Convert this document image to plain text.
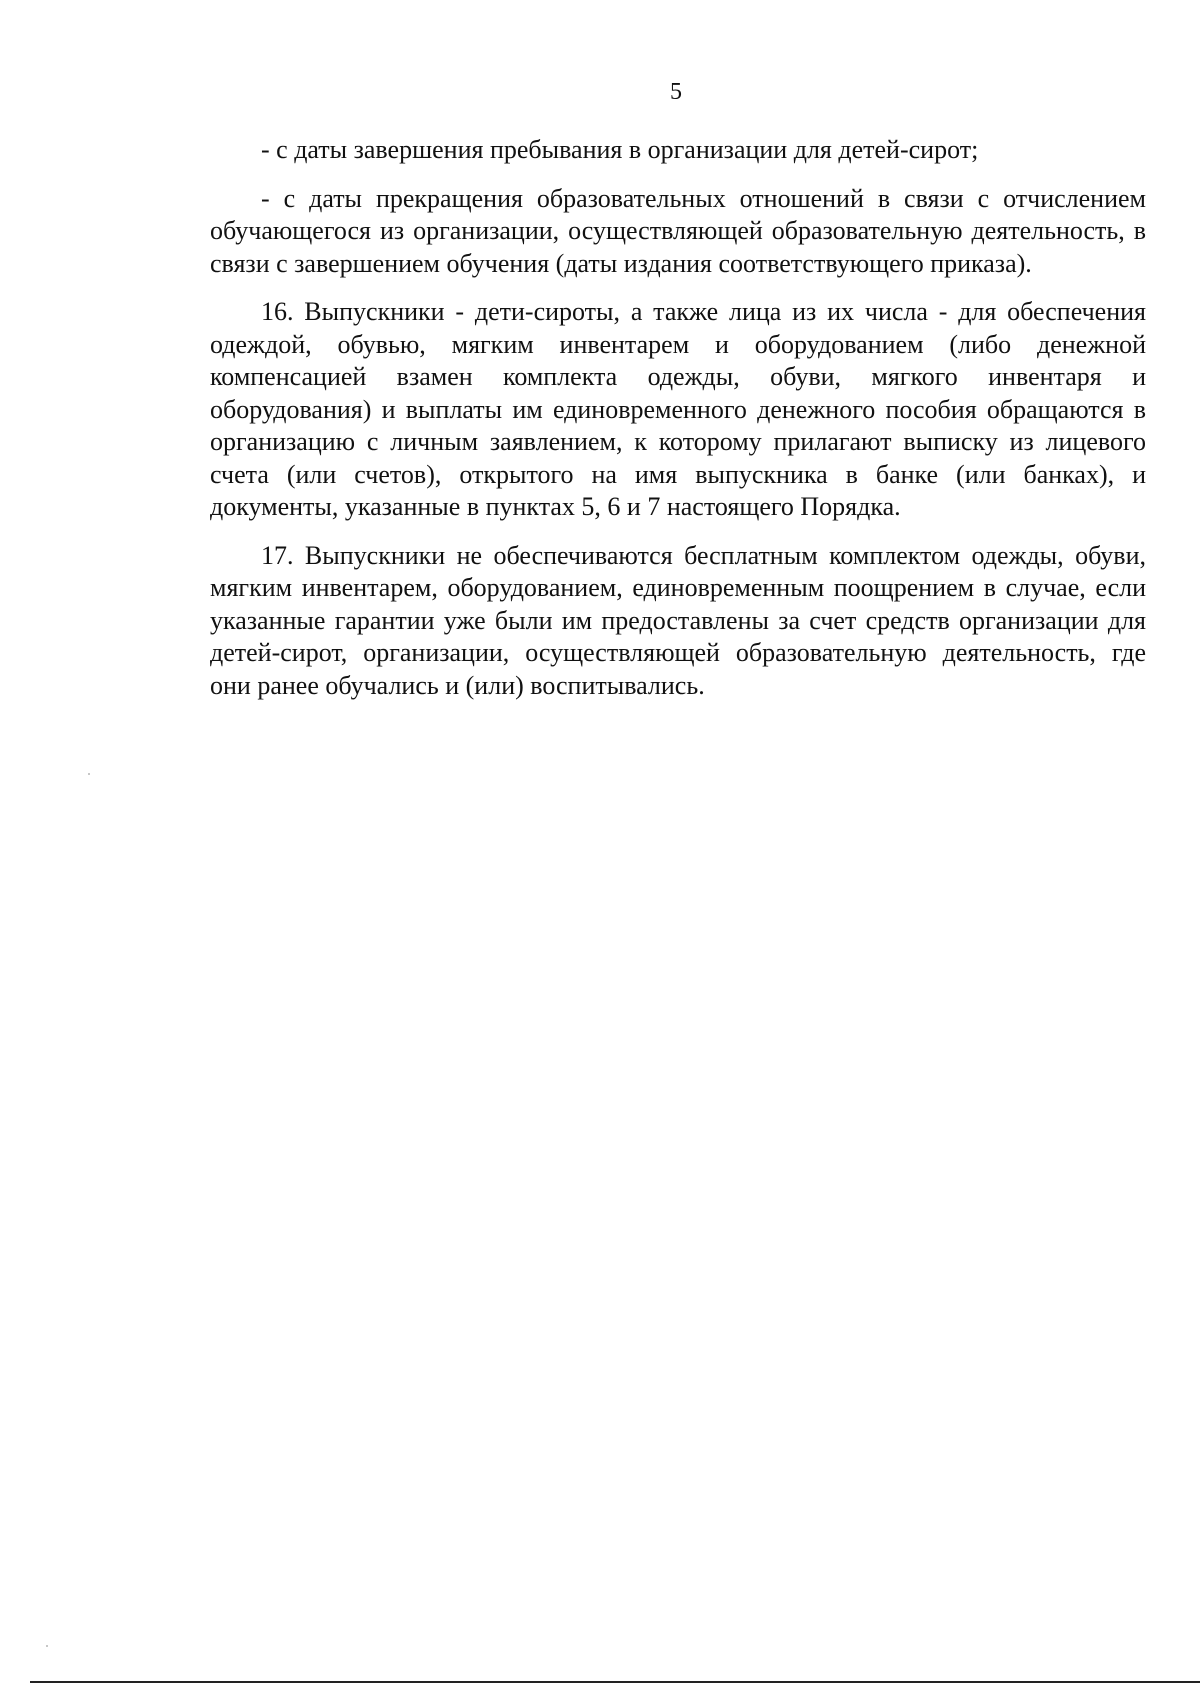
5

- с даты завершения пребывания в организации для детей-сирот;

- с даты прекращения образовательных отношений в связи с отчислением обучающегося из организации, осуществляющей образовательную деятельность, в связи с завершением обучения (даты издания соответствующего приказа).

16. Выпускники - дети-сироты, а также лица из их числа - для обеспечения одеждой, обувью, мягким инвентарем и оборудованием (либо денежной компенсацией взамен комплекта одежды, обуви, мягкого инвентаря и оборудования) и выплаты им единовременного денежного пособия обращаются в организацию с личным заявлением, к которому прилагают выписку из лицевого счета (или счетов), открытого на имя выпускника в банке (или банках), и документы, указанные в пунктах 5, 6 и 7 настоящего Порядка.

17. Выпускники не обеспечиваются бесплатным комплектом одежды, обуви, мягким инвентарем, оборудованием, единовременным поощрением в случае, если указанные гарантии уже были им предоставлены за счет средств организации для детей-сирот, организации, осуществляющей образовательную деятельность, где они ранее обучались и (или) воспитывались.
